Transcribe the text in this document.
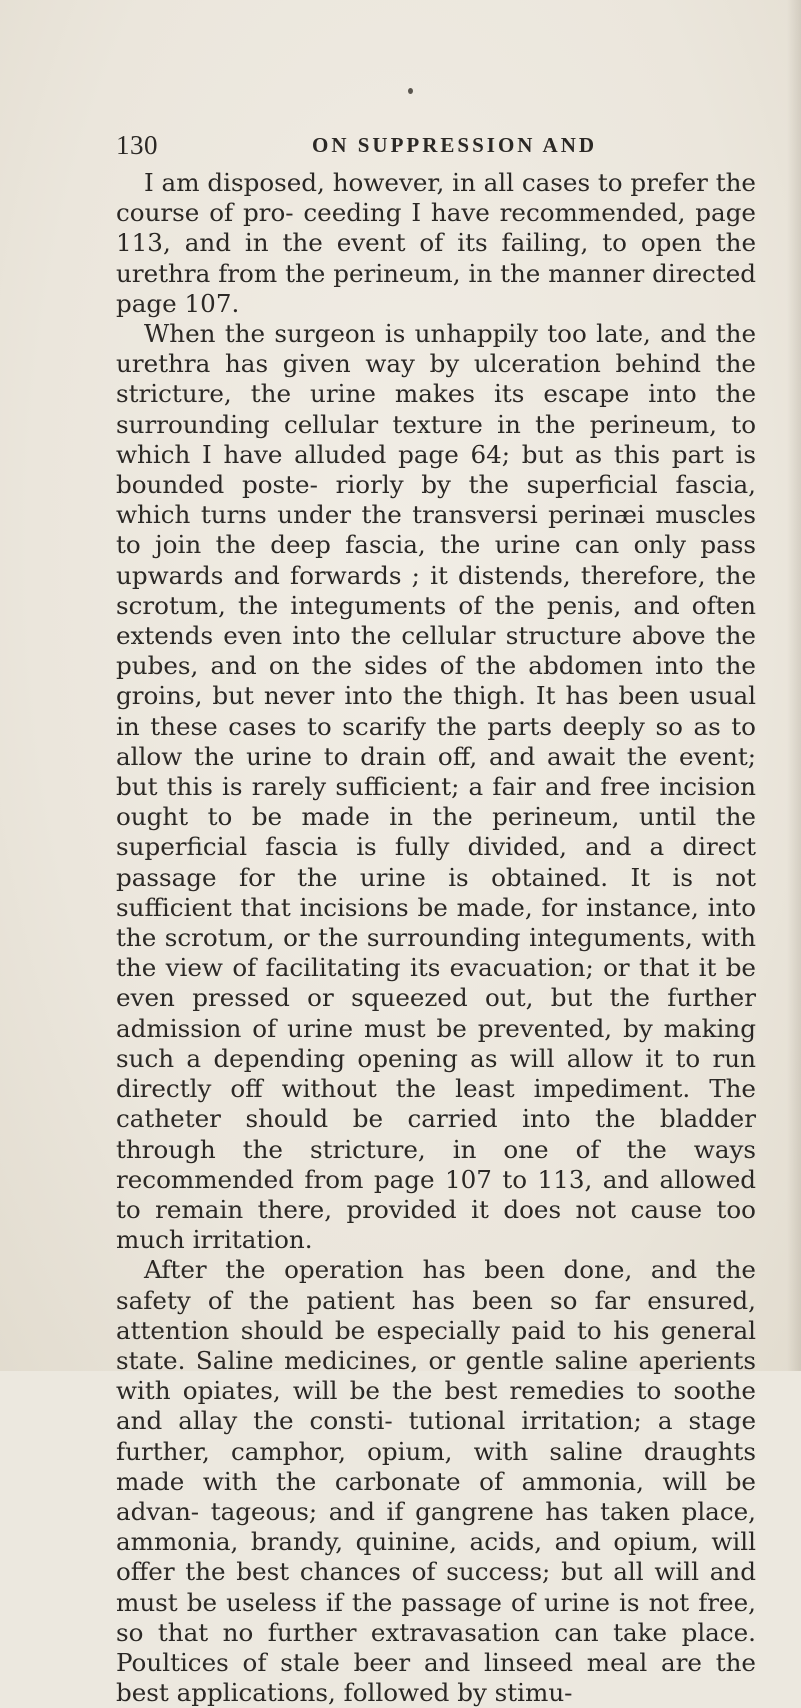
130	ON SUPPRESSION AND

I am disposed, however, in all cases to prefer the course of pro‐ ceeding I have recommended, page 113, and in the event of its failing, to open the urethra from the perineum, in the manner directed page 107.

When the surgeon is unhappily too late, and the urethra has given way by ulceration behind the stricture, the urine makes its escape into the surrounding cellular texture in the perineum, to which I have alluded page 64; but as this part is bounded poste- riorly by the superficial fascia, which turns under the transversi perinæi muscles to join the deep fascia, the urine can only pass upwards and forwards ; it distends, therefore, the scrotum, the integuments of the penis, and often extends even into the cellular structure above the pubes, and on the sides of the abdomen into the groins, but never into the thigh. It has been usual in these cases to scarify the parts deeply so as to allow the urine to drain off, and await the event; but this is rarely sufficient; a fair and free incision ought to be made in the perineum, until the superficial fascia is fully divided, and a direct passage for the urine is obtained. It is not sufficient that incisions be made, for instance, into the scrotum, or the surrounding integuments, with the view of facilitating its evacuation; or that it be even pressed or squeezed out, but the further admission of urine must be prevented, by making such a depending opening as will allow it to run directly off without the least impediment. The catheter should be carried into the bladder through the stricture, in one of the ways recommended from page 107 to 113, and allowed to remain there, provided it does not cause too much irritation.

After the operation has been done, and the safety of the patient has been so far ensured, attention should be especially paid to his general state. Saline medicines, or gentle saline aperients with opiates, will be the best remedies to soothe and allay the consti- tutional irritation; a stage further, camphor, opium, with saline draughts made with the carbonate of ammonia, will be advan- tageous; and if gangrene has taken place, ammonia, brandy, quinine, acids, and opium, will offer the best chances of success; but all will and must be useless if the passage of urine is not free, so that no further extravasation can take place. Poultices of stale beer and linseed meal are the best applications, followed by stimu-
